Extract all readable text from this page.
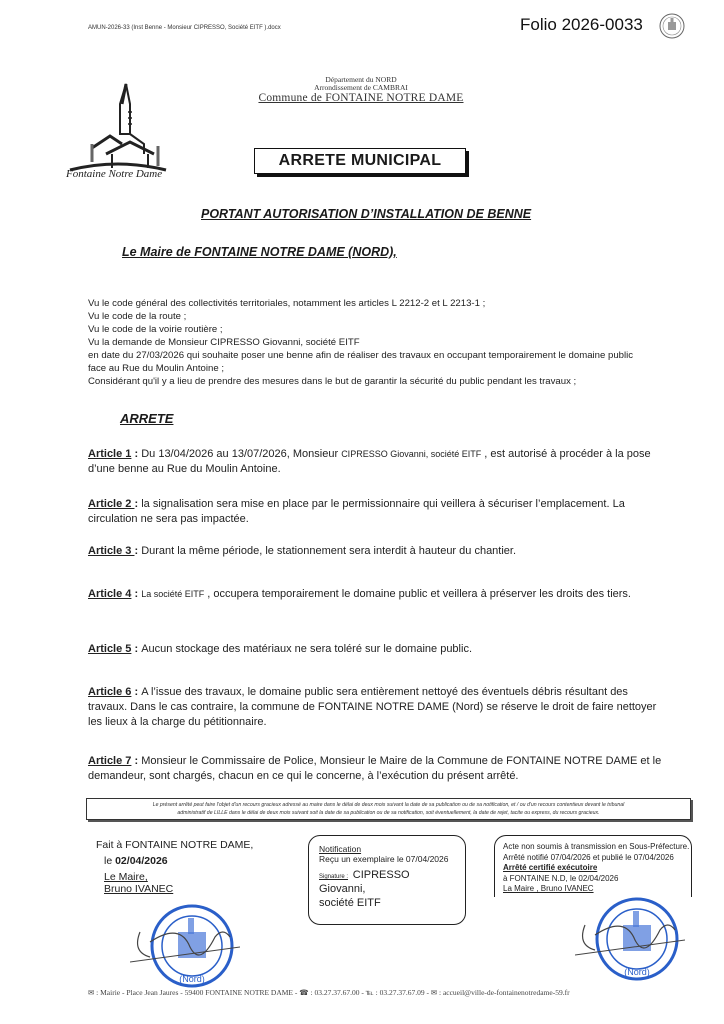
AMUN-2026-33 (Inst Benne - Monsieur CIPRESSO, Société EITF ).docx	Folio 2026-0033
Fontaine Notre Dame
Département du NORD
Arrondissement de CAMBRAI
Commune de FONTAINE NOTRE DAME
ARRETE MUNICIPAL
PORTANT AUTORISATION D’INSTALLATION DE BENNE
Le Maire de FONTAINE NOTRE DAME (NORD),
Vu le code général des collectivités territoriales, notamment les articles L 2212-2 et L 2213-1 ;
Vu le code de la route ;
Vu le code de la voirie routière ;
Vu la demande de Monsieur CIPRESSO Giovanni, société EITF
en date du 27/03/2026 qui souhaite poser une benne afin de réaliser des travaux en occupant temporairement le domaine public
face au Rue du Moulin Antoine ;
Considérant qu'il y a lieu de prendre des mesures dans le but de garantir la sécurité du public pendant les travaux ;
ARRETE
Article 1 : Du 13/04/2026 au 13/07/2026, Monsieur CIPRESSO Giovanni, société EITF , est autorisé à procéder à la pose d’une benne au Rue du Moulin Antoine.
Article 2 : la signalisation sera mise en place par le permissionnaire qui veillera à sécuriser l’emplacement. La circulation ne sera pas impactée.
Article 3 : Durant la même période, le stationnement sera interdit à hauteur du chantier.
Article 4 : La société EITF , occupera temporairement le domaine public et veillera à préserver les droits des tiers.
Article 5 : Aucun stockage des matériaux ne sera toléré sur le domaine public.
Article 6 : A l’issue des travaux, le domaine public sera entièrement nettoyé des éventuels débris résultant des travaux. Dans le cas contraire, la commune de FONTAINE NOTRE DAME (Nord) se réserve le droit de faire nettoyer les lieux à la charge du pétitionnaire.
Article 7 : Monsieur le Commissaire de Police, Monsieur le Maire de la Commune de FONTAINE NOTRE DAME et le demandeur, sont chargés, chacun en ce qui le concerne, à l’exécution du présent arrêté.
Le présent arrêté peut faire l'objet d'un recours gracieux adressé au maire dans le délai de deux mois suivant la date de sa publication ou de sa notification, et / ou d'un recours contentieux devant le tribunal
administratif de LILLE dans le délai de deux mois suivant soit la date de sa publication ou de sa notification, soit éventuellement, la date de rejet, tacite ou express, du recours gracieux.
Fait à FONTAINE NOTRE DAME,
le 02/04/2026
Le Maire,
Bruno IVANEC
Notification
Reçu un exemplaire le 07/04/2026
Signature : CIPRESSO Giovanni,
société EITF
Acte non soumis à transmission en Sous-Préfecture.
Arrêté notifié 07/04/2026 et publié le 07/04/2026
Arrêté certifié exécutoire
à FONTAINE N.D, le 02/04/2026
La Maire , Bruno IVANEC
(Nord)
(Nord)
✉ : Mairie - Place Jean Jaures - 59400 FONTAINE NOTRE DAME - ☎ : 03.27.37.67.00 - ℡ : 03.27.37.67.09 - ✉ : accueil@ville-de-fontainenotredame-59.fr
